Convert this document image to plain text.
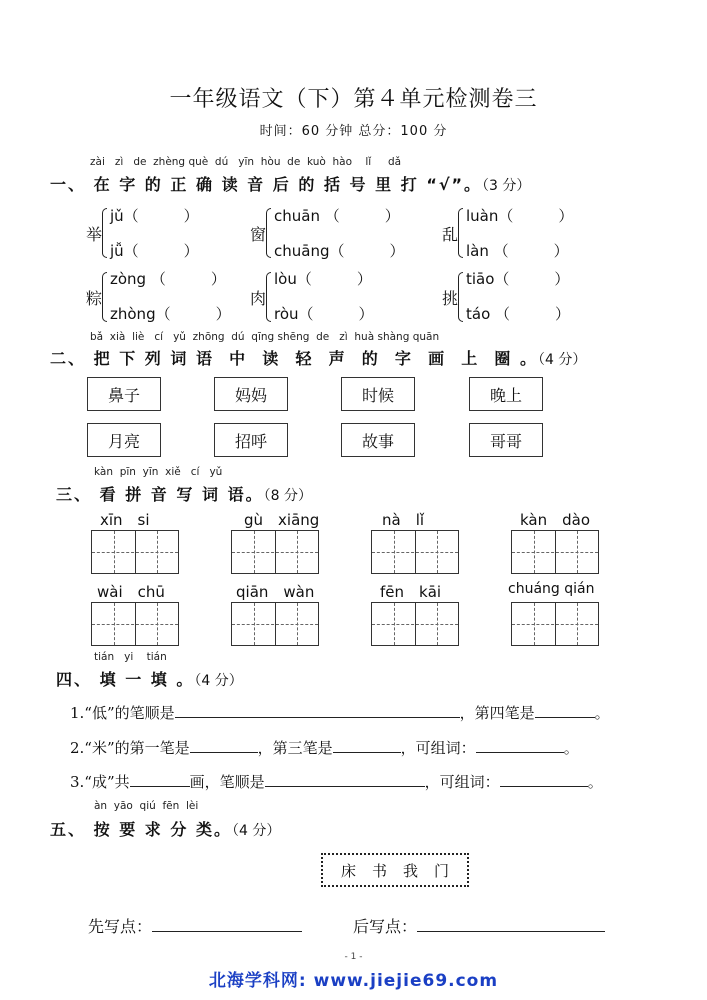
一年级语文（下）第４单元检测卷三
时间：60 分钟 总分：100 分
zài zì de zhèng què dú yīn hòu de kuò hào lǐ dǎ
一、 在 字 的 正 确 读 音 后 的 括 号 里 打 “√”。（3 分）
举
jǔ（　　　）
jǚ（　　　）
窗
chuān （　　　）
chuāng（　　　）
乱
luàn（　　　）
làn （　　　）
粽
zòng （　　　）
zhòng（　　　）
肉
lòu（　　　）
ròu（　　　）
挑
tiāo（　　　）
táo （　　　）
bǎ xià liè cí yǔ zhōng dú qīng shēng de zì huà shàng quān
二、 把 下 列 词 语 中 读 轻 声 的 字 画 上 圈 。（4 分）
鼻子	妈妈	时候	晚上
月亮	招呼	故事	哥哥
kàn pīn yīn xiě cí yǔ
三、 看 拼 音 写 词 语。（8 分）
xīn　si	gù　xiāng	nà　lǐ	kàn　dào
wài　chū	qiān　wàn	fēn　kāi	chuáng qián
tián yi tián
四、 填 一 填 。（4 分）
1.“低”的笔顺是	，第四笔是	。
2.“米”的第一笔是	，第三笔是	，可组词：	。
3.“成”共	画，笔顺是	，可组词：	。
àn yāo qiú fēn lèi
五、 按 要 求 分 类。（4 分）
床 书 我 门
先写点：	后写点：
- 1 -
北海学科网: www.jiejie69.com
